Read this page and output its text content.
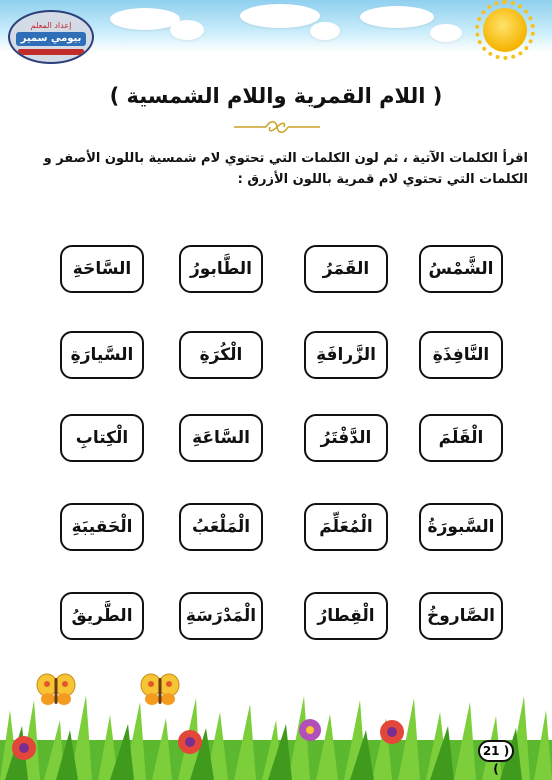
إعداد المعلم
بيومي سمير
( اللام القمرية واللام الشمسية )
اقرأ الكلمات الآتية ، ثم لون الكلمات التي تحتوي لام شمسية باللون الأصفر و الكلمات التي تحتوي لام قمرية باللون الأزرق :
الشَّمْسُ
القَمَرُ
الطَّابورُ
السَّاحَةِ
النَّافِذَةِ
الزَّرافَةِ
الْكُرَةِ
السَّيارَةِ
الْقَلَمَ
الدَّفْتَرُ
السَّاعَةِ
الْكِتابِ
السَّبورَةُ
الْمُعَلِّمَ
الْمَلْعَبُ
الْحَقيبَةِ
الصَّاروخُ
الْقِطارُ
الْمَدْرَسَةِ
الطَّريقُ
( 21 )
